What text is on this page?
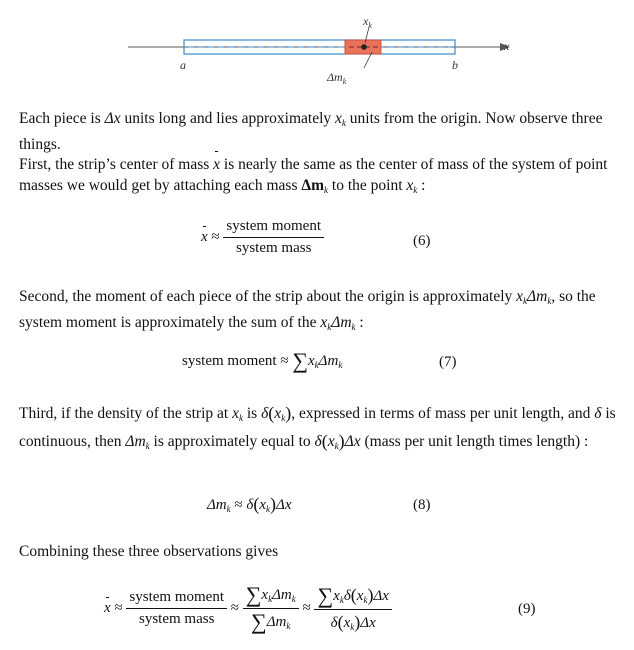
$x_k$
x
a	b
$\Delta m_k$

Each piece is Δx units long and lies approximately $x_k$ units from the origin. Now observe three things.

First, the strip’s center of mass x is nearly the same as the center of mass of the system of point masses we would get by attaching each mass $\Delta m_k$ to the point $x_k$ :

$x \approx \frac{\text{system moment}}{\text{system mass}}$	(6)

Second, the moment of each piece of the strip about the origin is approximately $x_k\Delta m_k$, so the system moment is approximately the sum of the $x_k\Delta m_k$ :

system moment ≈ $\sum x_k\Delta m_k$	(7)

Third, if the density of the strip at $x_k$ is $\delta(x_k)$, expressed in terms of mass per unit length, and δ is continuous, then $\Delta m_k$ is approximately equal to $\delta(x_k)\Delta x$ (mass per unit length times length) :

$\Delta m_k \approx \delta(x_k)\Delta x$	(8)

Combining these three observations gives

$x \approx \frac{\text{system moment}}{\text{system mass}} \approx \frac{\sum x_k\Delta m_k}{\sum\Delta m_k} \approx \frac{\sum x_k\delta(x_k)\Delta x}{\delta(x_k)\Delta x}$	(9)
